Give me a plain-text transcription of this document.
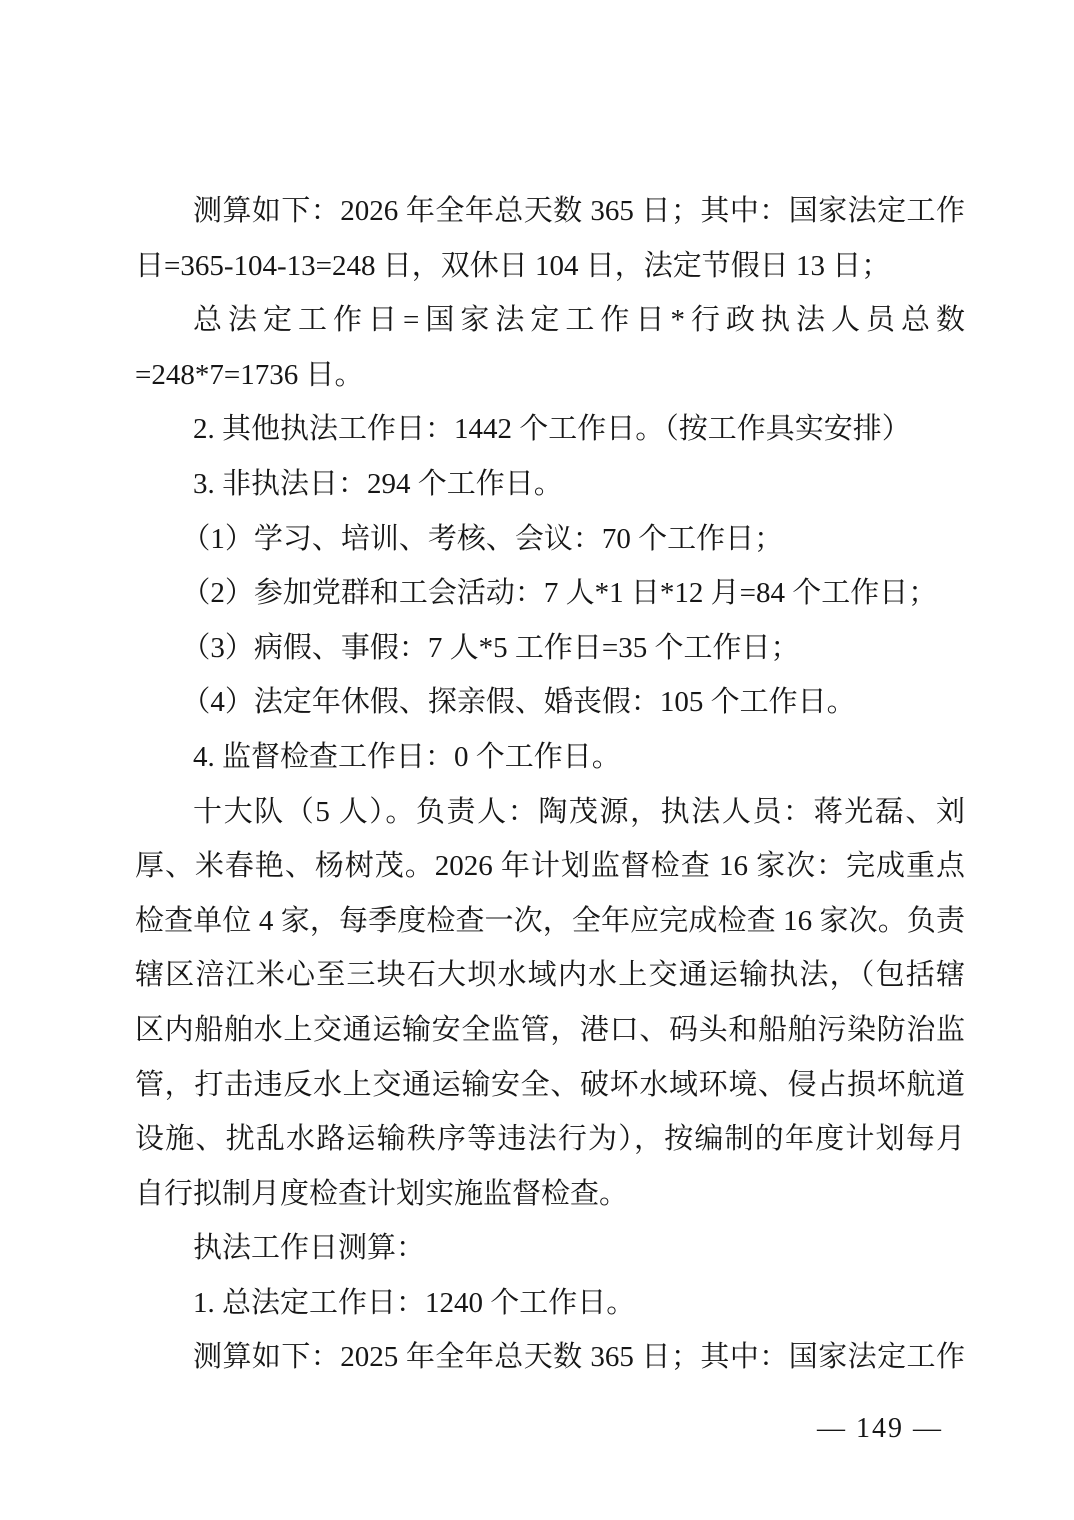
测算如下：2026 年全年总天数 365 日；其中：国家法定工作
日=365-104-13=248 日，双休日 104 日，法定节假日 13 日；
总法定工作日=国家法定工作日*行政执法人员总数
=248*7=1736 日。
2. 其他执法工作日：1442 个工作日。（按工作具实安排）
3. 非执法日：294 个工作日。
（1）学习、培训、考核、会议：70 个工作日；
（2）参加党群和工会活动：7 人*1 日*12 月=84 个工作日；
（3）病假、事假：7 人*5 工作日=35 个工作日；
（4）法定年休假、探亲假、婚丧假：105 个工作日。
4. 监督检查工作日：0 个工作日。
十大队（5 人）。负责人：陶茂源，执法人员：蒋光磊、刘
厚、米春艳、杨树茂。2026 年计划监督检查 16 家次：完成重点
检查单位 4 家，每季度检查一次，全年应完成检查 16 家次。负责
辖区涪江米心至三块石大坝水域内水上交通运输执法，（包括辖
区内船舶水上交通运输安全监管，港口、码头和船舶污染防治监
管，打击违反水上交通运输安全、破坏水域环境、侵占损坏航道
设施、扰乱水路运输秩序等违法行为），按编制的年度计划每月
自行拟制月度检查计划实施监督检查。
执法工作日测算：
1. 总法定工作日：1240 个工作日。
测算如下：2025 年全年总天数 365 日；其中：国家法定工作
— 149 —
